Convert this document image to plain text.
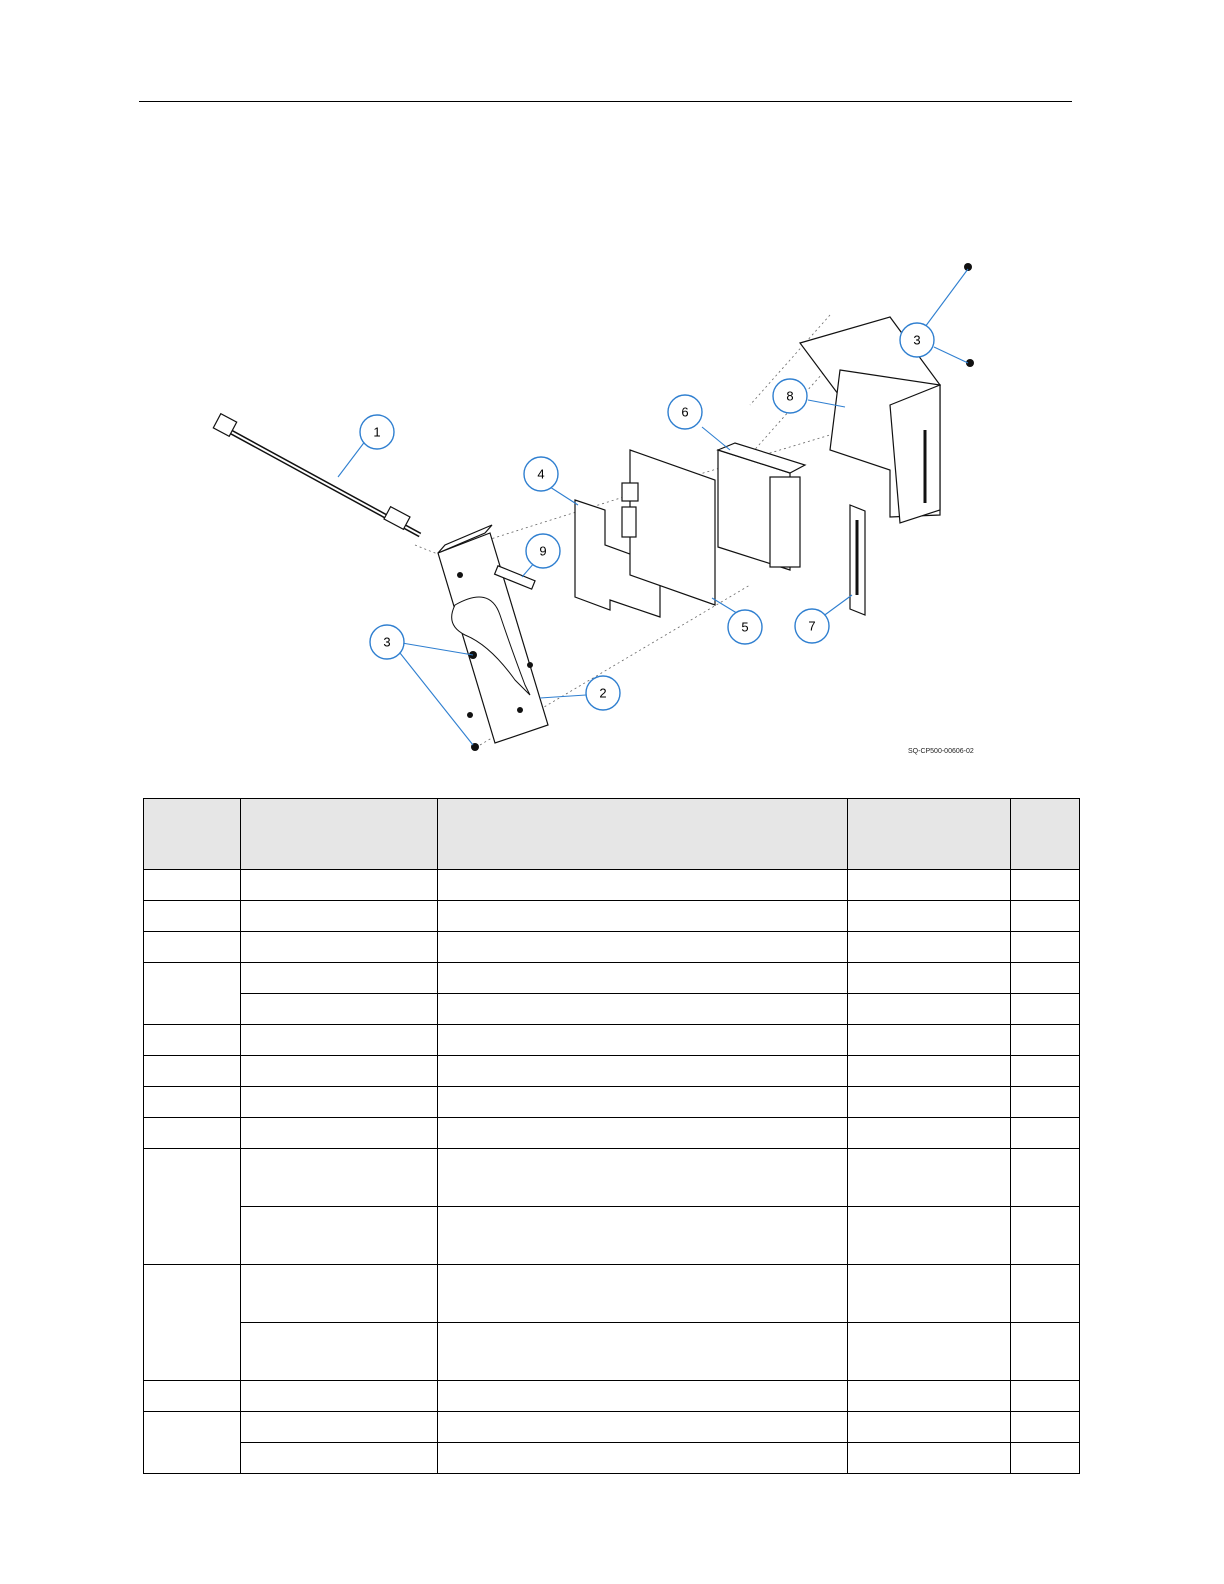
1
2
3
3
4
5
6
7
8
9
SQ-CP500-00606-02
